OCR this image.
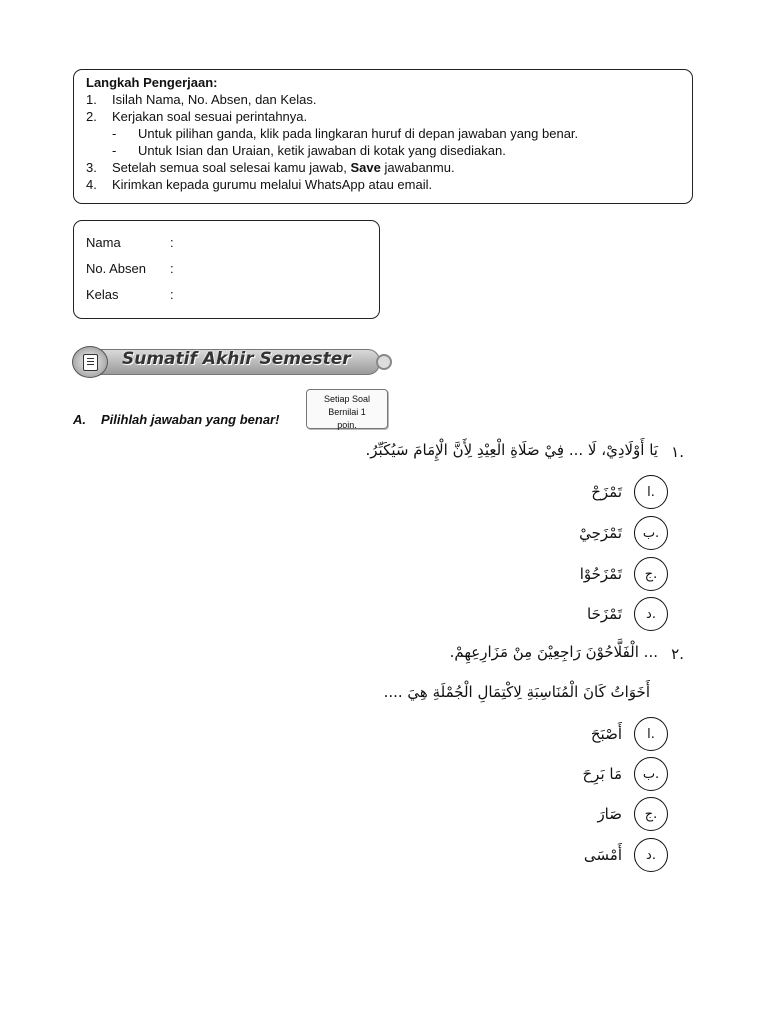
Langkah Pengerjaan:
1.	Isilah Nama, No. Absen, dan Kelas.
2.	Kerjakan soal sesuai perintahnya.
-	Untuk pilihan ganda, klik pada lingkaran huruf di depan jawaban yang benar.
-	Untuk Isian dan Uraian, ketik jawaban di kotak yang disediakan.
3.	Setelah semua soal selesai kamu jawab, Save jawabanmu.
4.	Kirimkan kepada gurumu melalui WhatsApp atau email.
Nama	:
No. Absen	:
Kelas	:
Sumatif Akhir Semester
Setiap Soal
Bernilai 1 poin.
A. Pilihlah jawaban yang benar!
.١
يَا أَوْلَادِيْ، لَا ... فِيْ صَلَاةِ الْعِيْدِ لِأَنَّ الْإِمَامَ سَيُكَبِّرُ.
.ا
تَمْزَحْ
.ب
تَمْزَحِيْ
.ج
تَمْزَحُوْا
.د
تَمْزَحَا
.٢
... الْفَلَّاحُوْنَ رَاجِعِيْنَ مِنْ مَزَارِعِهِمْ.
أَخَوَاتُ كَانَ الْمُنَاسِبَةِ لِاكْتِمَالِ الْجُمْلَةِ هِيَ ....
.ا
أَصْبَحَ
.ب
مَا بَرِحَ
.ج
صَارَ
.د
أَمْسَى
